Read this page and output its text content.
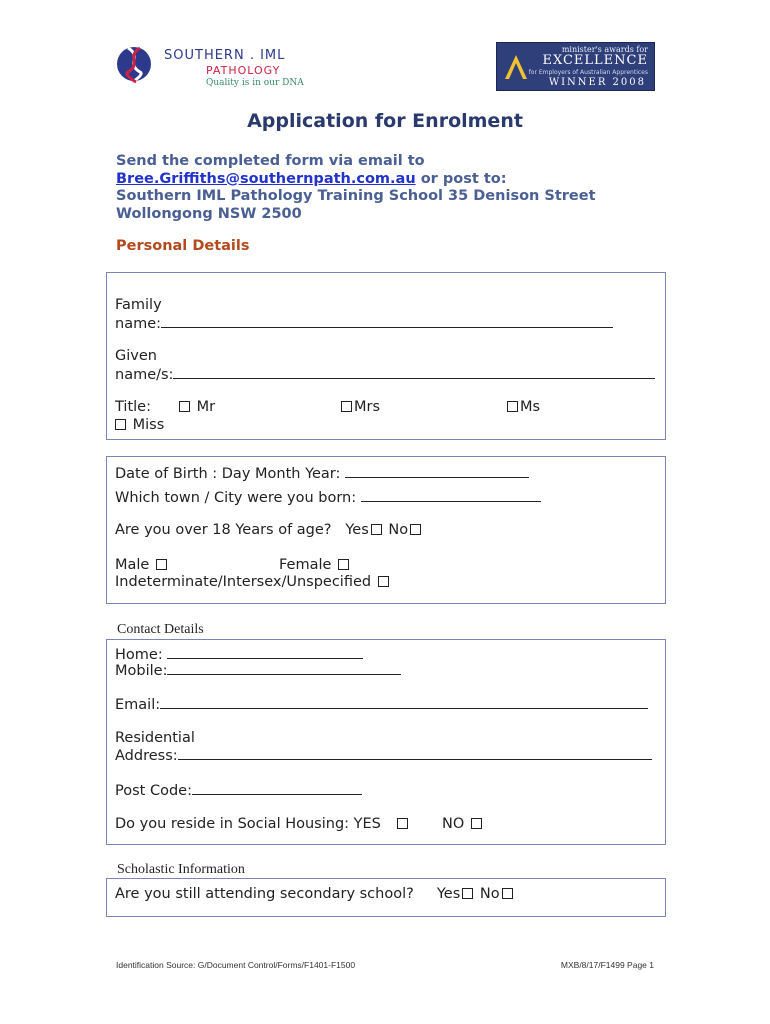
SOUTHERN . IML
PATHOLOGY
Quality is in our DNA
minister's awards for
EXCELLENCE
for Employers of Australian Apprentices
WINNER 2008
Application for Enrolment
Send the completed form via email to
Bree.Griffiths@southernpath.com.au or post to:
Southern IML Pathology Training School 35 Denison Street
Wollongong NSW 2500
Personal Details
Family
name:
Given
name/s:
Title:	Mr	Mrs	Ms
Miss
Date of Birth : Day Month Year:
Which town / City were you born:
Are you over 18 Years of age? Yes No
Male	Female
Indeterminate/Intersex/Unspecified
Contact Details
Home:
Mobile:
Email:
Residential
Address:
Post Code:
Do you reside in Social Housing: YES	NO
Scholastic Information
Are you still attending secondary school? Yes No
Identification Source: G/Document Control/Forms/F1401-F1500	MXB/8/17/F1499 Page 1
